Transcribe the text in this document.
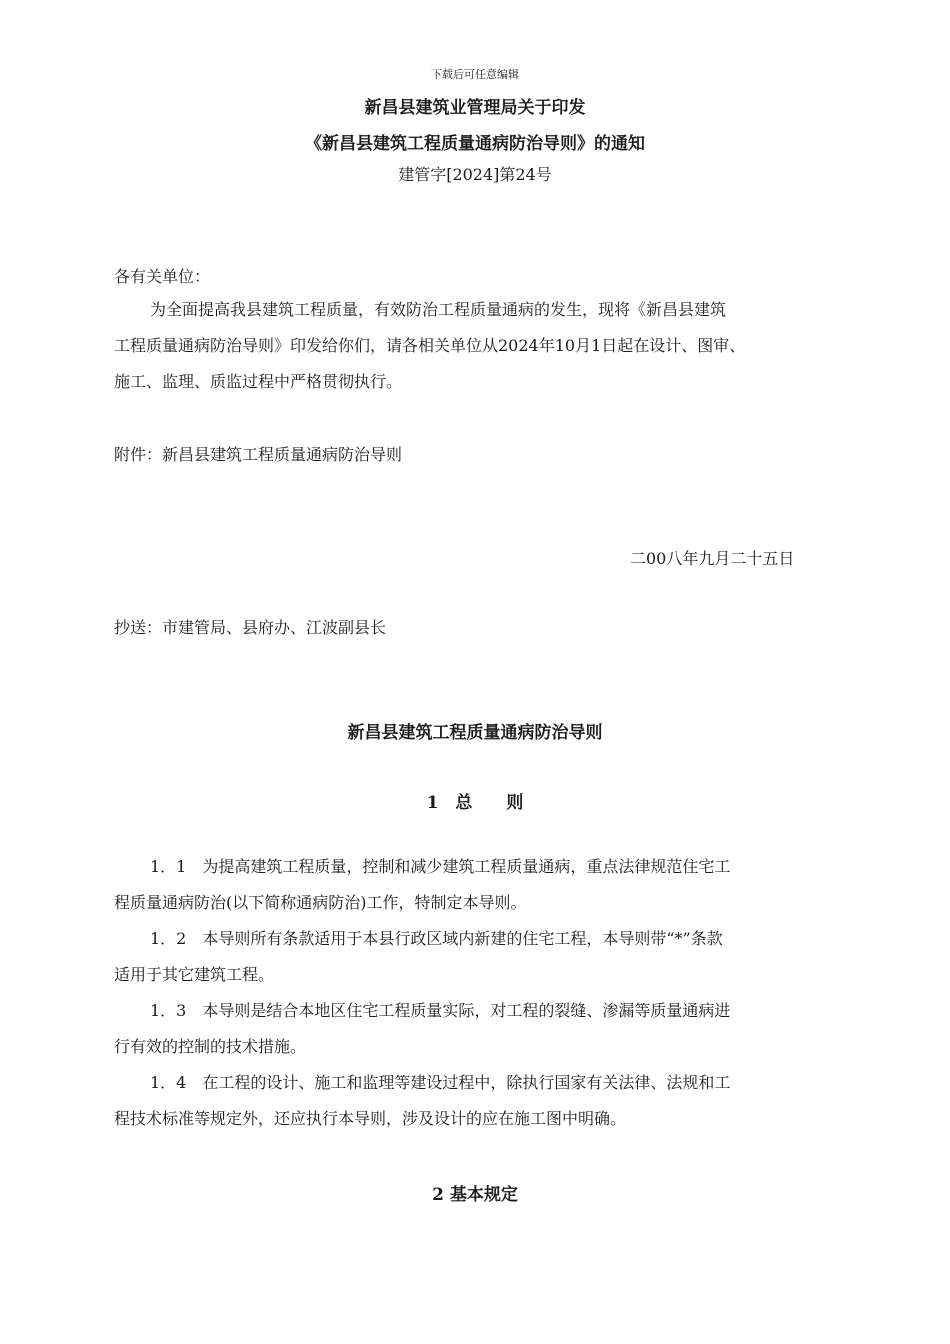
下载后可任意编辑
新昌县建筑业管理局关于印发
《新昌县建筑工程质量通病防治导则》的通知
建管字[2024]第24号
各有关单位：
为全面提高我县建筑工程质量，有效防治工程质量通病的发生，现将《新昌县建筑
工程质量通病防治导则》印发给你们，请各相关单位从2024年10月1日起在设计、图审、
施工、监理、质监过程中严格贯彻执行。
附件：新昌县建筑工程质量通病防治导则
二00八年九月二十五日
抄送：市建管局、县府办、江波副县长
新昌县建筑工程质量通病防治导则
1　总　　则
1．1　为提高建筑工程质量，控制和减少建筑工程质量通病，重点法律规范住宅工
程质量通病防治(以下简称通病防治)工作，特制定本导则。
1．2　本导则所有条款适用于本县行政区域内新建的住宅工程，本导则带“*”条款
适用于其它建筑工程。
1．3　本导则是结合本地区住宅工程质量实际，对工程的裂缝、渗漏等质量通病进
行有效的控制的技术措施。
1．4　在工程的设计、施工和监理等建设过程中，除执行国家有关法律、法规和工
程技术标准等规定外，还应执行本导则，涉及设计的应在施工图中明确。
2 基本规定
